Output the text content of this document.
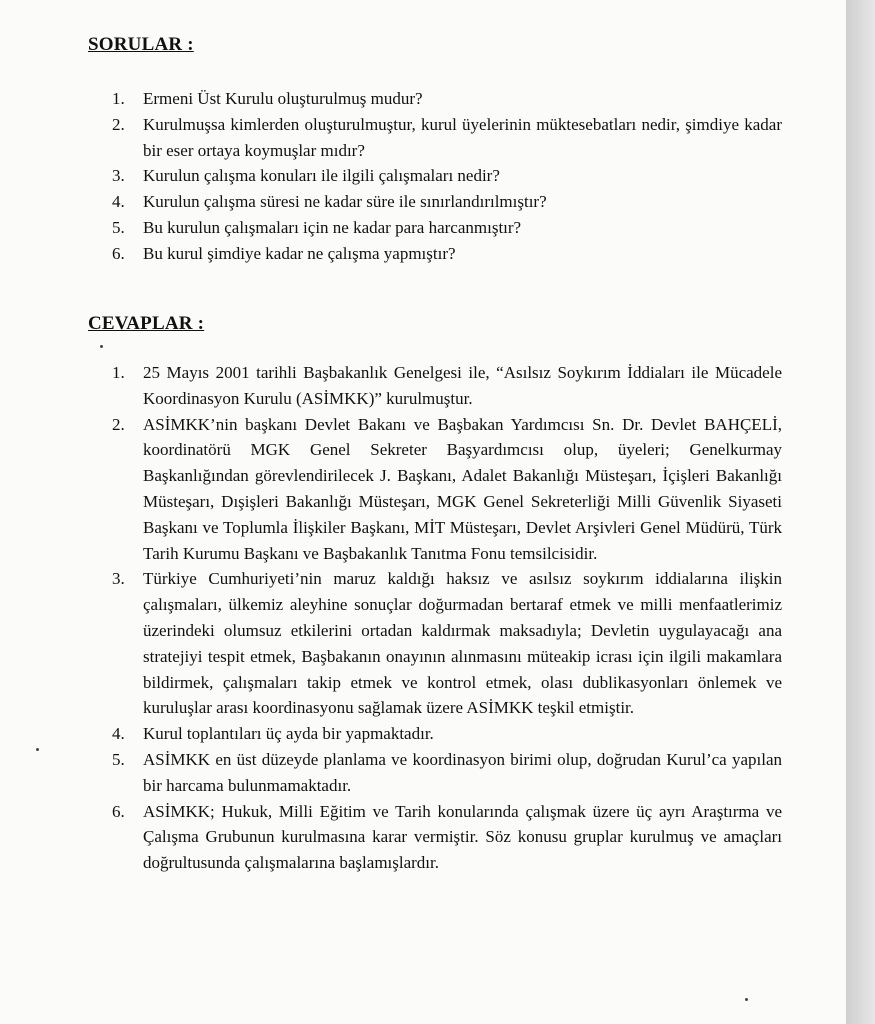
SORULAR :
1.	Ermeni Üst Kurulu oluşturulmuş mudur?
2.	Kurulmuşsa kimlerden oluşturulmuştur, kurul üyelerinin müktesebatları nedir, şimdiye kadar bir eser ortaya koymuşlar mıdır?
3.	Kurulun çalışma konuları ile ilgili çalışmaları nedir?
4.	Kurulun çalışma süresi ne kadar süre ile sınırlandırılmıştır?
5.	Bu kurulun çalışmaları için ne kadar para harcanmıştır?
6.	Bu kurul şimdiye kadar ne çalışma yapmıştır?
CEVAPLAR :
1.	25 Mayıs 2001 tarihli Başbakanlık Genelgesi ile, “Asılsız Soykırım İddiaları ile Mücadele Koordinasyon Kurulu (ASİMKK)” kurulmuştur.
2.	ASİMKK’nin başkanı Devlet Bakanı ve Başbakan Yardımcısı Sn. Dr. Devlet BAHÇELİ, koordinatörü MGK Genel Sekreter Başyardımcısı olup, üyeleri; Genelkurmay Başkanlığından görevlendirilecek J. Başkanı, Adalet Bakanlığı Müsteşarı, İçişleri Bakanlığı Müsteşarı, Dışişleri Bakanlığı Müsteşarı, MGK Genel Sekreterliği Milli Güvenlik Siyaseti Başkanı ve Toplumla İlişkiler Başkanı, MİT Müsteşarı, Devlet Arşivleri Genel Müdürü, Türk Tarih Kurumu Başkanı ve Başbakanlık Tanıtma Fonu temsilcisidir.
3.	Türkiye Cumhuriyeti’nin maruz kaldığı haksız ve asılsız soykırım iddialarına ilişkin çalışmaları, ülkemiz aleyhine sonuçlar doğurmadan bertaraf etmek ve milli menfaatlerimiz üzerindeki olumsuz etkilerini ortadan kaldırmak maksadıyla; Devletin uygulayacağı ana stratejiyi tespit etmek, Başbakanın onayının alınmasını müteakip icrası için ilgili makamlara bildirmek, çalışmaları takip etmek ve kontrol etmek, olası dublikasyonları önlemek ve kuruluşlar arası koordinasyonu sağlamak üzere ASİMKK teşkil etmiştir.
4.	Kurul toplantıları üç ayda bir yapmaktadır.
5.	ASİMKK en üst düzeyde planlama ve koordinasyon birimi olup, doğrudan Kurul’ca yapılan bir harcama bulunmamaktadır.
6.	ASİMKK; Hukuk, Milli Eğitim ve Tarih konularında çalışmak üzere üç ayrı Araştırma ve Çalışma Grubunun kurulmasına karar vermiştir. Söz konusu gruplar kurulmuş ve amaçları doğrultusunda çalışmalarına başlamışlardır.
